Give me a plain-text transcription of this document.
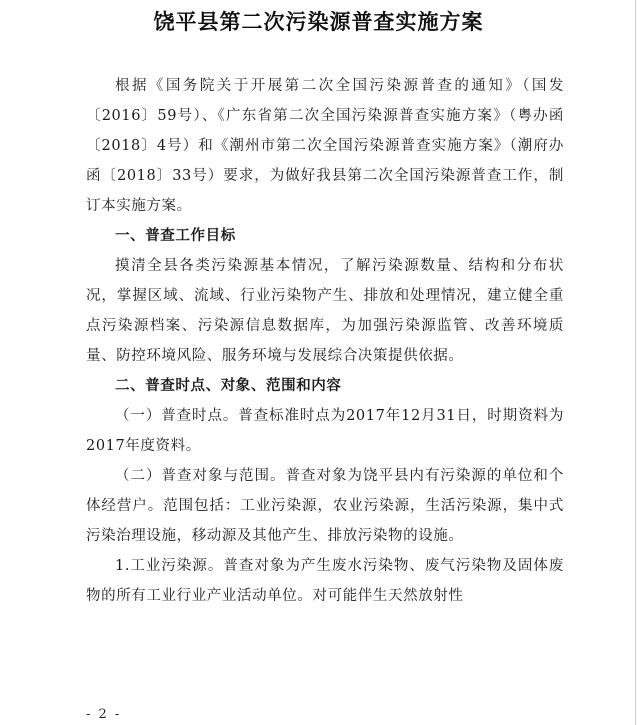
饶平县第二次污染源普查实施方案

根据《国务院关于开展第二次全国污染源普查的通知》（国发〔2016〕59号）、《广东省第二次全国污染源普查实施方案》（粤办函〔2018〕4号）和《潮州市第二次全国污染源普查实施方案》（潮府办函〔2018〕33号）要求，为做好我县第二次全国污染源普查工作，制订本实施方案。

一、普查工作目标

摸清全县各类污染源基本情况，了解污染源数量、结构和分布状况，掌握区域、流域、行业污染物产生、排放和处理情况，建立健全重点污染源档案、污染源信息数据库，为加强污染源监管、改善环境质量、防控环境风险、服务环境与发展综合决策提供依据。

二、普查时点、对象、范围和内容

（一）普查时点。普查标准时点为2017年12月31日，时期资料为2017年度资料。

（二）普查对象与范围。普查对象为饶平县内有污染源的单位和个体经营户。范围包括：工业污染源，农业污染源，生活污染源，集中式污染治理设施，移动源及其他产生、排放污染物的设施。

1.工业污染源。普查对象为产生废水污染物、废气污染物及固体废物的所有工业行业产业活动单位。对可能伴生天然放射性

- 2 -
